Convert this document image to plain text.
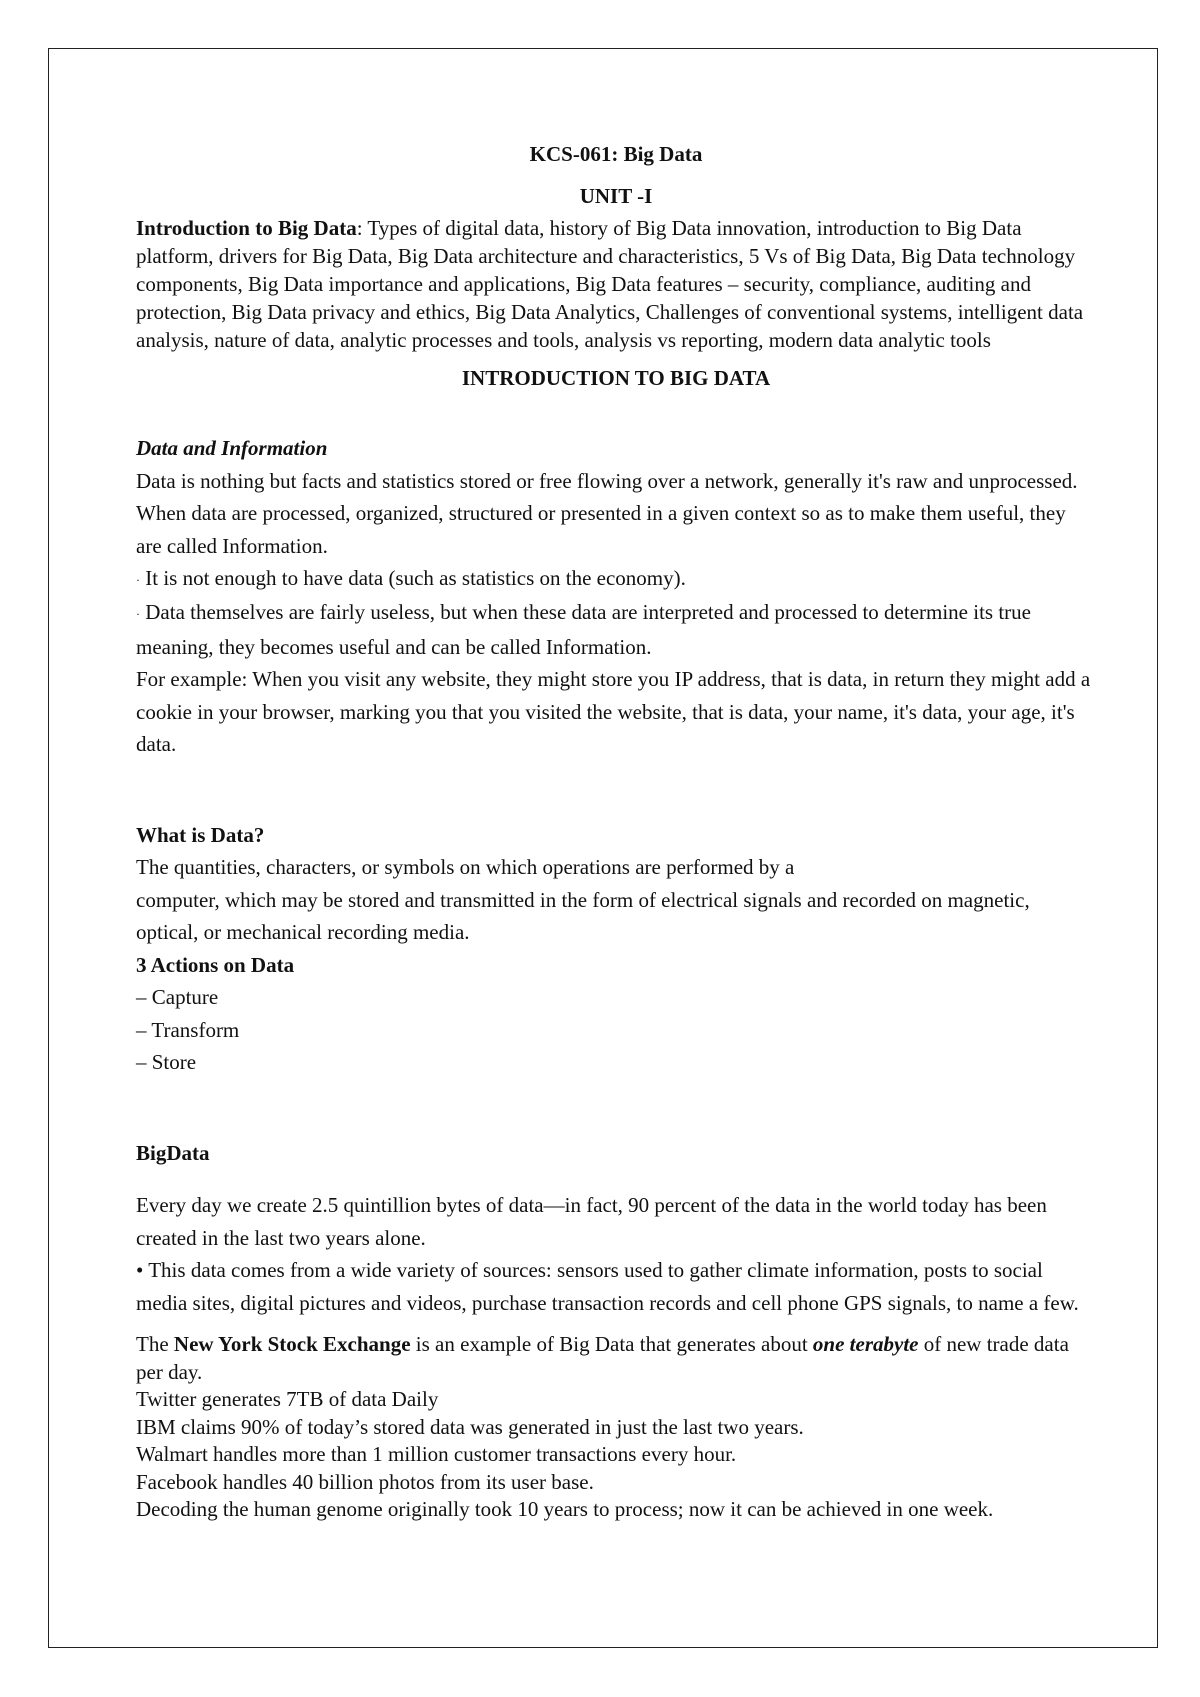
KCS-061: Big Data
UNIT -I

Introduction to Big Data: Types of digital data, history of Big Data innovation, introduction to Big Data platform, drivers for Big Data, Big Data architecture and characteristics, 5 Vs of Big Data, Big Data technology components, Big Data importance and applications, Big Data features – security, compliance, auditing and protection, Big Data privacy and ethics, Big Data Analytics, Challenges of conventional systems, intelligent data analysis, nature of data, analytic processes and tools, analysis vs reporting, modern data analytic tools

INTRODUCTION TO BIG DATA

Data and Information

Data is nothing but facts and statistics stored or free flowing over a network, generally it's raw and unprocessed. When data are processed, organized, structured or presented in a given context so as to make them useful, they are called Information.

· It is not enough to have data (such as statistics on the economy).

· Data themselves are fairly useless, but when these data are interpreted and processed to determine its true meaning, they becomes useful and can be called Information.

For example: When you visit any website, they might store you IP address, that is data, in return they might add a cookie in your browser, marking you that you visited the website, that is data, your name, it's data, your age, it's data.

What is Data?

The quantities, characters, or symbols on which operations are performed by a

computer, which may be stored and transmitted in the form of electrical signals and recorded on magnetic, optical, or mechanical recording media.

3 Actions on Data

– Capture

– Transform

– Store

BigData

Every day we create 2.5 quintillion bytes of data—in fact, 90 percent of the data in the world today has been created in the last two years alone.

• This data comes from a wide variety of sources: sensors used to gather climate information, posts to social media sites, digital pictures and videos, purchase transaction records and cell phone GPS signals, to name a few.

The New York Stock Exchange is an example of Big Data that generates about one terabyte of new trade data per day.

Twitter generates 7TB of data Daily

IBM claims 90% of today’s stored data was generated in just the last two years.

Walmart handles more than 1 million customer transactions every hour.

Facebook handles 40 billion photos from its user base.

Decoding the human genome originally took 10 years to process; now it can be achieved in one week.
